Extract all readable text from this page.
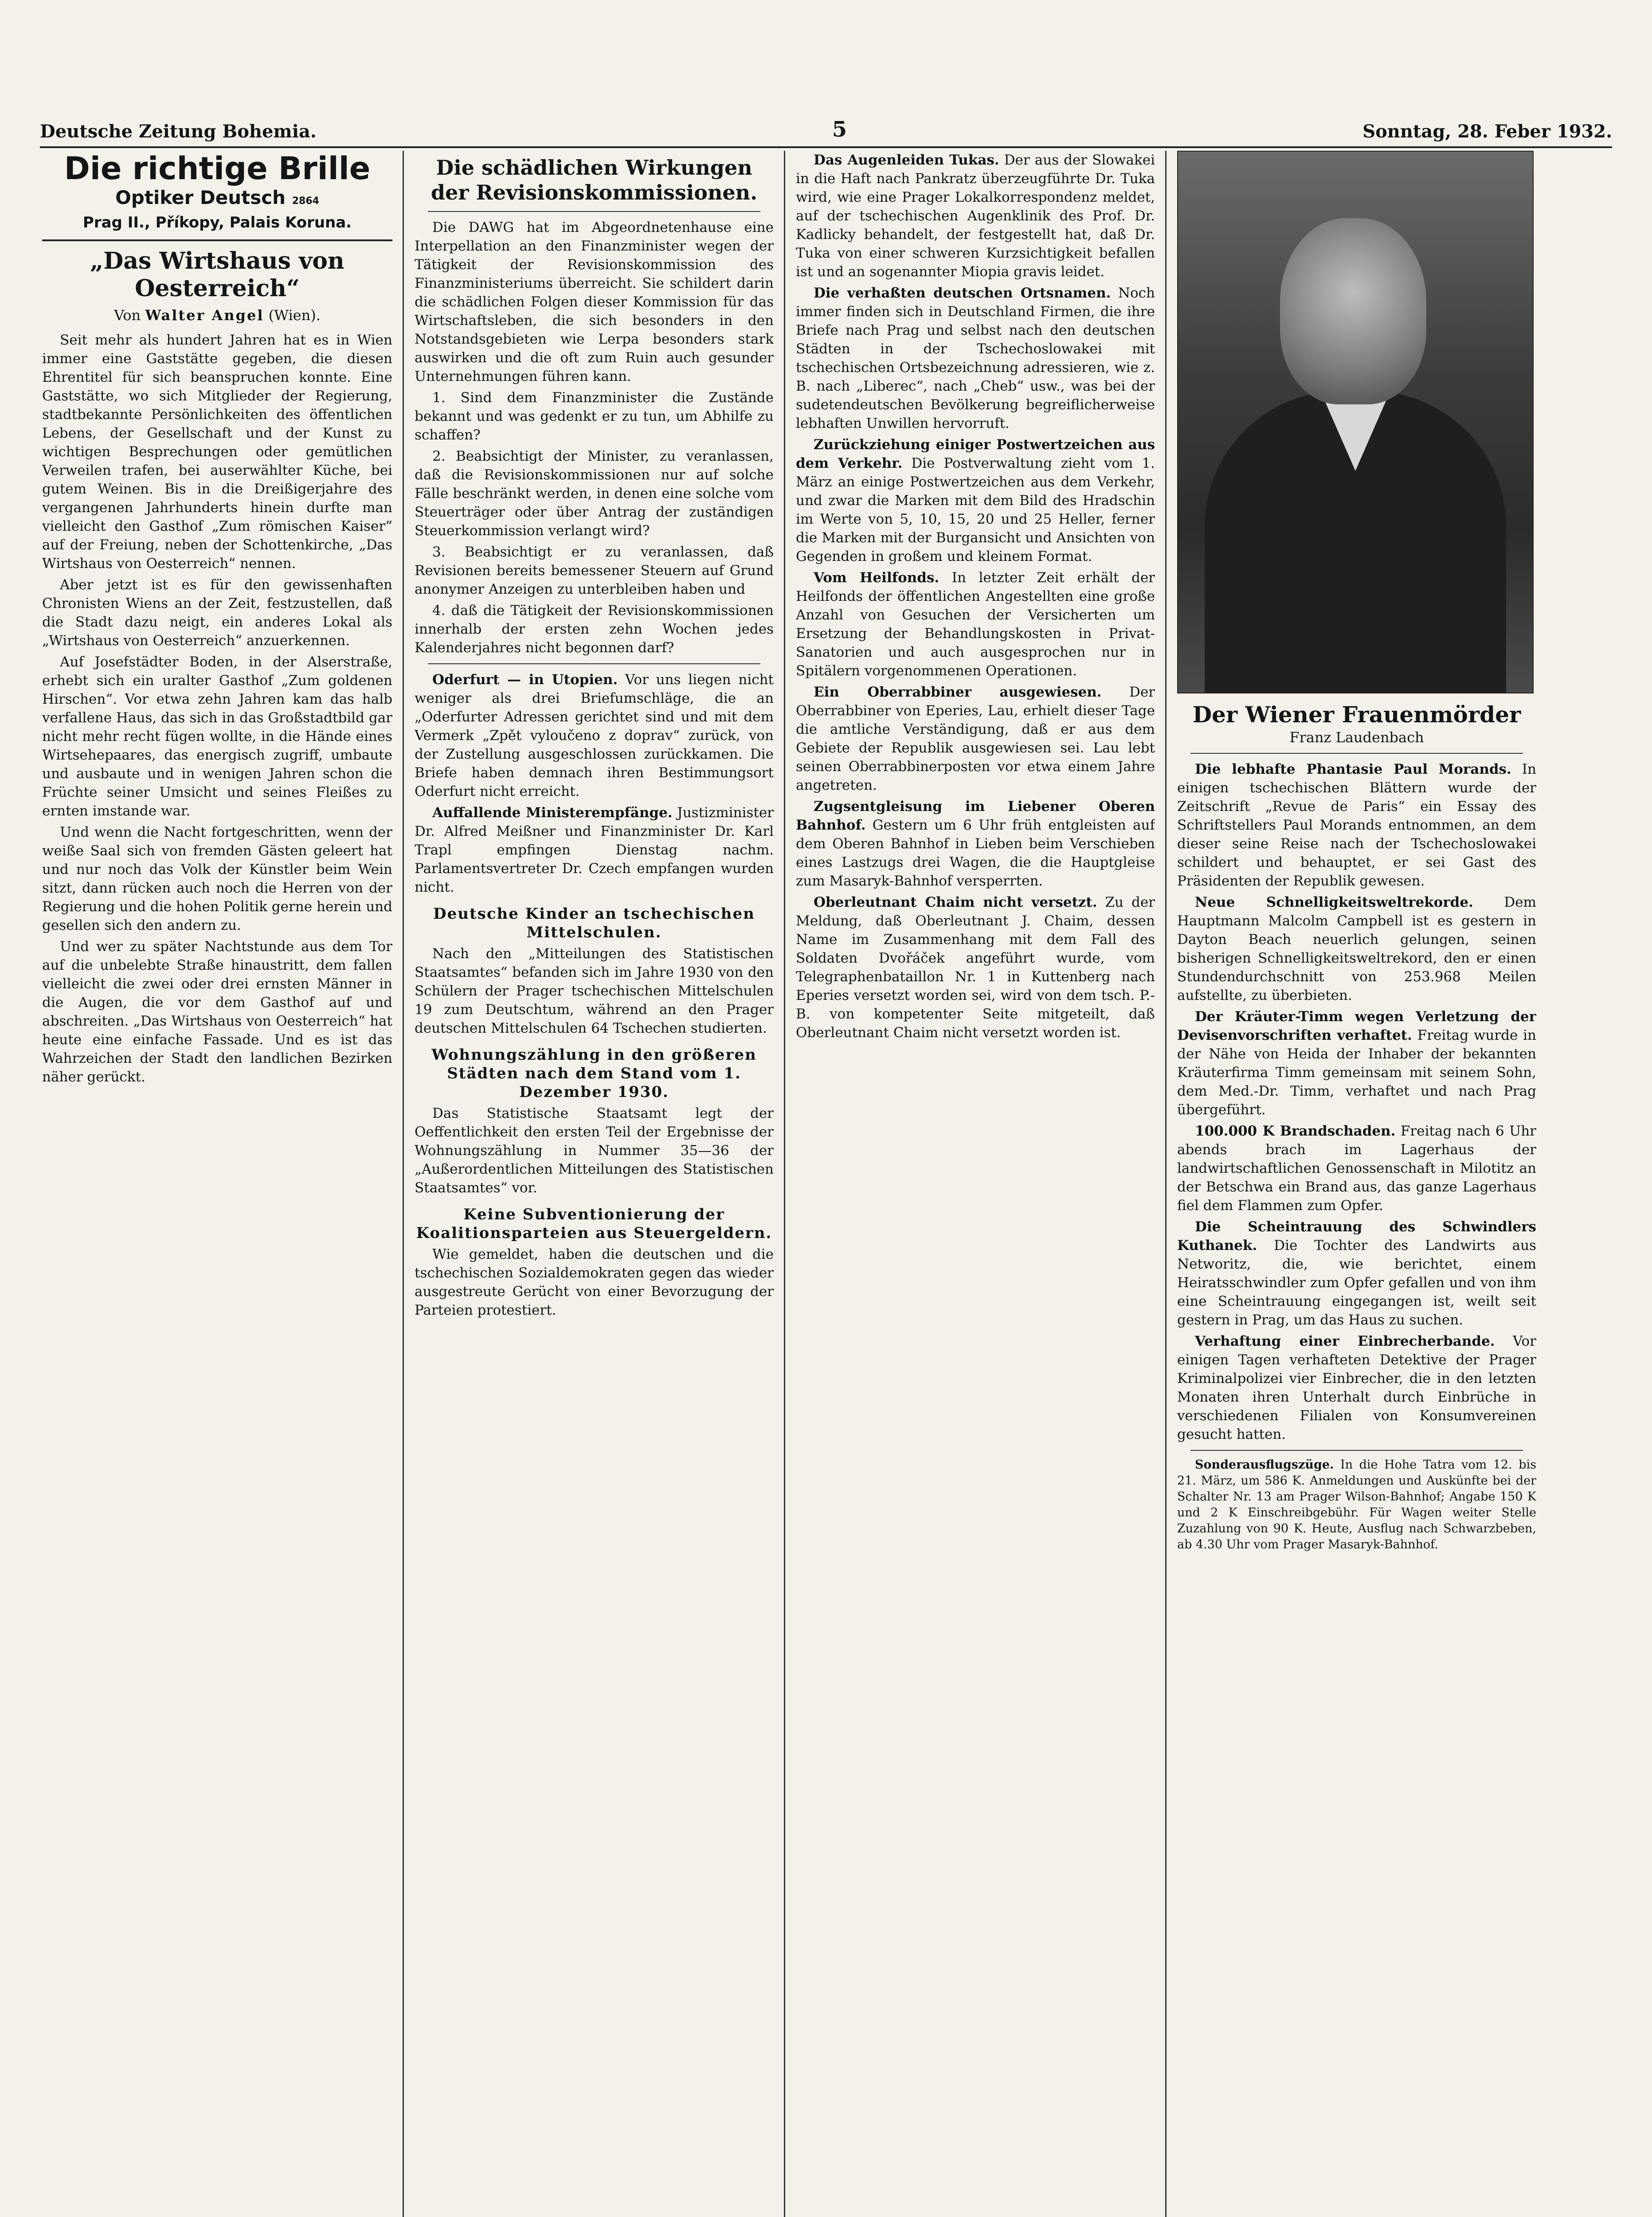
Deutsche Zeitung Bohemia.	5	Sonntag, 28. Feber 1932.
Die richtige Brille
Optiker Deutsch 2864
Prag II., Příkopy, Palais Koruna.
„Das Wirtshaus von Oesterreich“
Von Walter Angel (Wien).

Seit mehr als hundert Jahren hat es in Wien immer eine Gaststätte gegeben, die diesen Ehrentitel für sich beanspruchen konnte. Eine Gaststätte, wo sich Mitglieder der Regierung, stadtbekannte Persönlichkeiten des öffentlichen Lebens, der Gesellschaft und der Kunst zu wichtigen Besprechungen oder gemütlichen Verweilen trafen, bei auserwählter Küche, bei gutem Weinen. Bis in die Dreißigerjahre des vergangenen Jahrhunderts hinein durfte man vielleicht den Gasthof „Zum römischen Kaiser“ auf der Freiung, neben der Schottenkirche, „Das Wirtshaus von Oesterreich“ nennen.

Aber jetzt ist es für den gewissenhaften Chronisten Wiens an der Zeit, festzustellen, daß die Stadt dazu neigt, ein anderes Lokal als „Wirtshaus von Oesterreich“ anzuerkennen.

Auf Josefstädter Boden, in der Alserstraße, erhebt sich ein uralter Gasthof „Zum goldenen Hirschen“. Vor etwa zehn Jahren kam das halb verfallene Haus, das sich in das Großstadtbild gar nicht mehr recht fügen wollte, in die Hände eines Wirtsehepaares, das energisch zugriff, umbaute und ausbaute und in wenigen Jahren schon die Früchte seiner Umsicht und seines Fleißes zu ernten imstande war.

Und wenn die Nacht fortgeschritten, wenn der weiße Saal sich von fremden Gästen geleert hat und nur noch das Volk der Künstler beim Wein sitzt, dann rücken auch noch die Herren von der Regierung und die hohen Politik gerne herein und gesellen sich den andern zu.

Und wer zu später Nachtstunde aus dem Tor auf die unbelebte Straße hinaustritt, dem fallen vielleicht die zwei oder drei ernsten Männer in die Augen, die vor dem Gasthof auf und abschreiten. „Das Wirtshaus von Oesterreich“ hat heute eine einfache Fassade. Und es ist das Wahrzeichen der Stadt den landlichen Bezirken näher gerückt.

Die schädlichen Wirkungen der Revisionskommissionen.

Die DAWG hat im Abgeordnetenhause eine Interpellation an den Finanzminister wegen der Tätigkeit der Revisionskommission des Finanzministeriums überreicht. Sie schildert darin die schädlichen Folgen dieser Kommission für das Wirtschaftsleben, die sich besonders in den Notstandsgebieten wie Lerpa besonders stark auswirken und die oft zum Ruin auch gesunder Unternehmungen führen kann.

1. Sind dem Finanzminister die Zustände bekannt und was gedenkt er zu tun, um Abhilfe zu schaffen?

2. Beabsichtigt der Minister, zu veranlassen, daß die Revisionskommissionen nur auf solche Fälle beschränkt werden, in denen eine solche vom Steuerträger oder über Antrag der zuständigen Steuerkommission verlangt wird?

3. Beabsichtigt er zu veranlassen, daß Revisionen bereits bemessener Steuern auf Grund anonymer Anzeigen zu unterbleiben haben und

4. daß die Tätigkeit der Revisionskommissionen innerhalb der ersten zehn Wochen jedes Kalenderjahres nicht begonnen darf?

Oderfurt — in Utopien. Vor uns liegen nicht weniger als drei Briefumschläge, die an „Oderfurter Adressen gerichtet sind und mit dem Vermerk „Zpět vyloučeno z doprav“ zurück, von der Zustellung ausgeschlossen zurückkamen. Die Briefe haben demnach ihren Bestimmungsort Oderfurt nicht erreicht.

Auffallende Ministerempfänge. Justizminister Dr. Alfred Meißner und Finanzminister Dr. Karl Trapl empfingen Dienstag nachm. Parlamentsvertreter Dr. Czech empfangen wurden nicht.

Deutsche Kinder an tschechischen Mittelschulen.

Nach den „Mitteilungen des Statistischen Staatsamtes“ befanden sich im Jahre 1930 von den Schülern der Prager tschechischen Mittelschulen 19 zum Deutschtum, während an den Prager deutschen Mittelschulen 64 Tschechen studierten.

Wohnungszählung in den größeren Städten nach dem Stand vom 1. Dezember 1930.

Das Statistische Staatsamt legt der Oeffentlichkeit den ersten Teil der Ergebnisse der Wohnungszählung in Nummer 35—36 der „Außerordentlichen Mitteilungen des Statistischen Staatsamtes“ vor.

Keine Subventionierung der Koalitionsparteien aus Steuergeldern.

Wie gemeldet, haben die deutschen und die tschechischen Sozialdemokraten gegen das wieder ausgestreute Gerücht von einer Bevorzugung der Parteien protestiert.

Das Augenleiden Tukas. Der aus der Slowakei in die Haft nach Pankratz überzeugführte Dr. Tuka wird, wie eine Prager Lokalkorrespondenz meldet, auf der tschechischen Augenklinik des Prof. Dr. Kadlicky behandelt, der festgestellt hat, daß Dr. Tuka von einer schweren Kurzsichtigkeit befallen ist und an sogenannter Miopia gravis leidet.

Die verhaßten deutschen Ortsnamen. Noch immer finden sich in Deutschland Firmen, die ihre Briefe nach Prag und selbst nach den deutschen Städten in der Tschechoslowakei mit tschechischen Ortsbezeichnung adressieren, wie z. B. nach „Liberec“, nach „Cheb“ usw., was bei der sudetendeutschen Bevölkerung begreiflicherweise lebhaften Unwillen hervorruft.

Zurückziehung einiger Postwertzeichen aus dem Verkehr. Die Postverwaltung zieht vom 1. März an einige Postwertzeichen aus dem Verkehr, und zwar die Marken mit dem Bild des Hradschin im Werte von 5, 10, 15, 20 und 25 Heller, ferner die Marken mit der Burgansicht und Ansichten von Gegenden in großem und kleinem Format.

Vom Heilfonds. In letzter Zeit erhält der Heilfonds der öffentlichen Angestellten eine große Anzahl von Gesuchen der Versicherten um Ersetzung der Behandlungskosten in Privat-Sanatorien und auch ausgesprochen nur in Spitälern vorgenommenen Operationen.

Ein Oberrabbiner ausgewiesen. Der Oberrabbiner von Eperies, Lau, erhielt dieser Tage die amtliche Verständigung, daß er aus dem Gebiete der Republik ausgewiesen sei. Lau lebt seinen Oberrabbinerposten vor etwa einem Jahre angetreten.

Zugsentgleisung im Liebener Oberen Bahnhof. Gestern um 6 Uhr früh entgleisten auf dem Oberen Bahnhof in Lieben beim Verschieben eines Lastzugs drei Wagen, die die Hauptgleise zum Masaryk-Bahnhof versperrten.

Oberleutnant Chaim nicht versetzt. Zu der Meldung, daß Oberleutnant J. Chaim, dessen Name im Zusammenhang mit dem Fall des Soldaten Dvořáček angeführt wurde, vom Telegraphenbataillon Nr. 1 in Kuttenberg nach Eperies versetzt worden sei, wird von dem tsch. P.-B. von kompetenter Seite mitgeteilt, daß Oberleutnant Chaim nicht versetzt worden ist.

Der Wiener Frauenmörder
Franz Laudenbach

Die lebhafte Phantasie Paul Morands. In einigen tschechischen Blättern wurde der Zeitschrift „Revue de Paris“ ein Essay des Schriftstellers Paul Morands entnommen, an dem dieser seine Reise nach der Tschechoslowakei schildert und behauptet, er sei Gast des Präsidenten der Republik gewesen.

Neue Schnelligkeitsweltrekorde. Dem Hauptmann Malcolm Campbell ist es gestern in Dayton Beach neuerlich gelungen, seinen bisherigen Schnelligkeitsweltrekord, den er einen Stundendurchschnitt von 253.968 Meilen aufstellte, zu überbieten.

Der Kräuter-Timm wegen Verletzung der Devisenvorschriften verhaftet. Freitag wurde in der Nähe von Heida der Inhaber der bekannten Kräuterfirma Timm gemeinsam mit seinem Sohn, dem Med.-Dr. Timm, verhaftet und nach Prag übergeführt.

100.000 K Brandschaden. Freitag nach 6 Uhr abends brach im Lagerhaus der landwirtschaftlichen Genossenschaft in Milotitz an der Betschwa ein Brand aus, das ganze Lagerhaus fiel dem Flammen zum Opfer.

Die Scheintrauung des Schwindlers Kuthanek. Die Tochter des Landwirts aus Networitz, die, wie berichtet, einem Heiratsschwindler zum Opfer gefallen und von ihm eine Scheintrauung eingegangen ist, weilt seit gestern in Prag, um das Haus zu suchen.

Verhaftung einer Einbrecherbande. Vor einigen Tagen verhafteten Detektive der Prager Kriminalpolizei vier Einbrecher, die in den letzten Monaten ihren Unterhalt durch Einbrüche in verschiedenen Filialen von Konsumvereinen gesucht hatten.

Sonderausflugszüge. In die Hohe Tatra vom 12. bis 21. März, um 586 K. Anmeldungen und Auskünfte bei der Schalter Nr. 13 am Prager Wilson-Bahnhof; Angabe 150 K und 2 K Einschreibgebühr. Für Wagen weiter Stelle Zuzahlung von 90 K. Heute, Ausflug nach Schwarzbeben, ab 4.30 Uhr vom Prager Masaryk-Bahnhof.
